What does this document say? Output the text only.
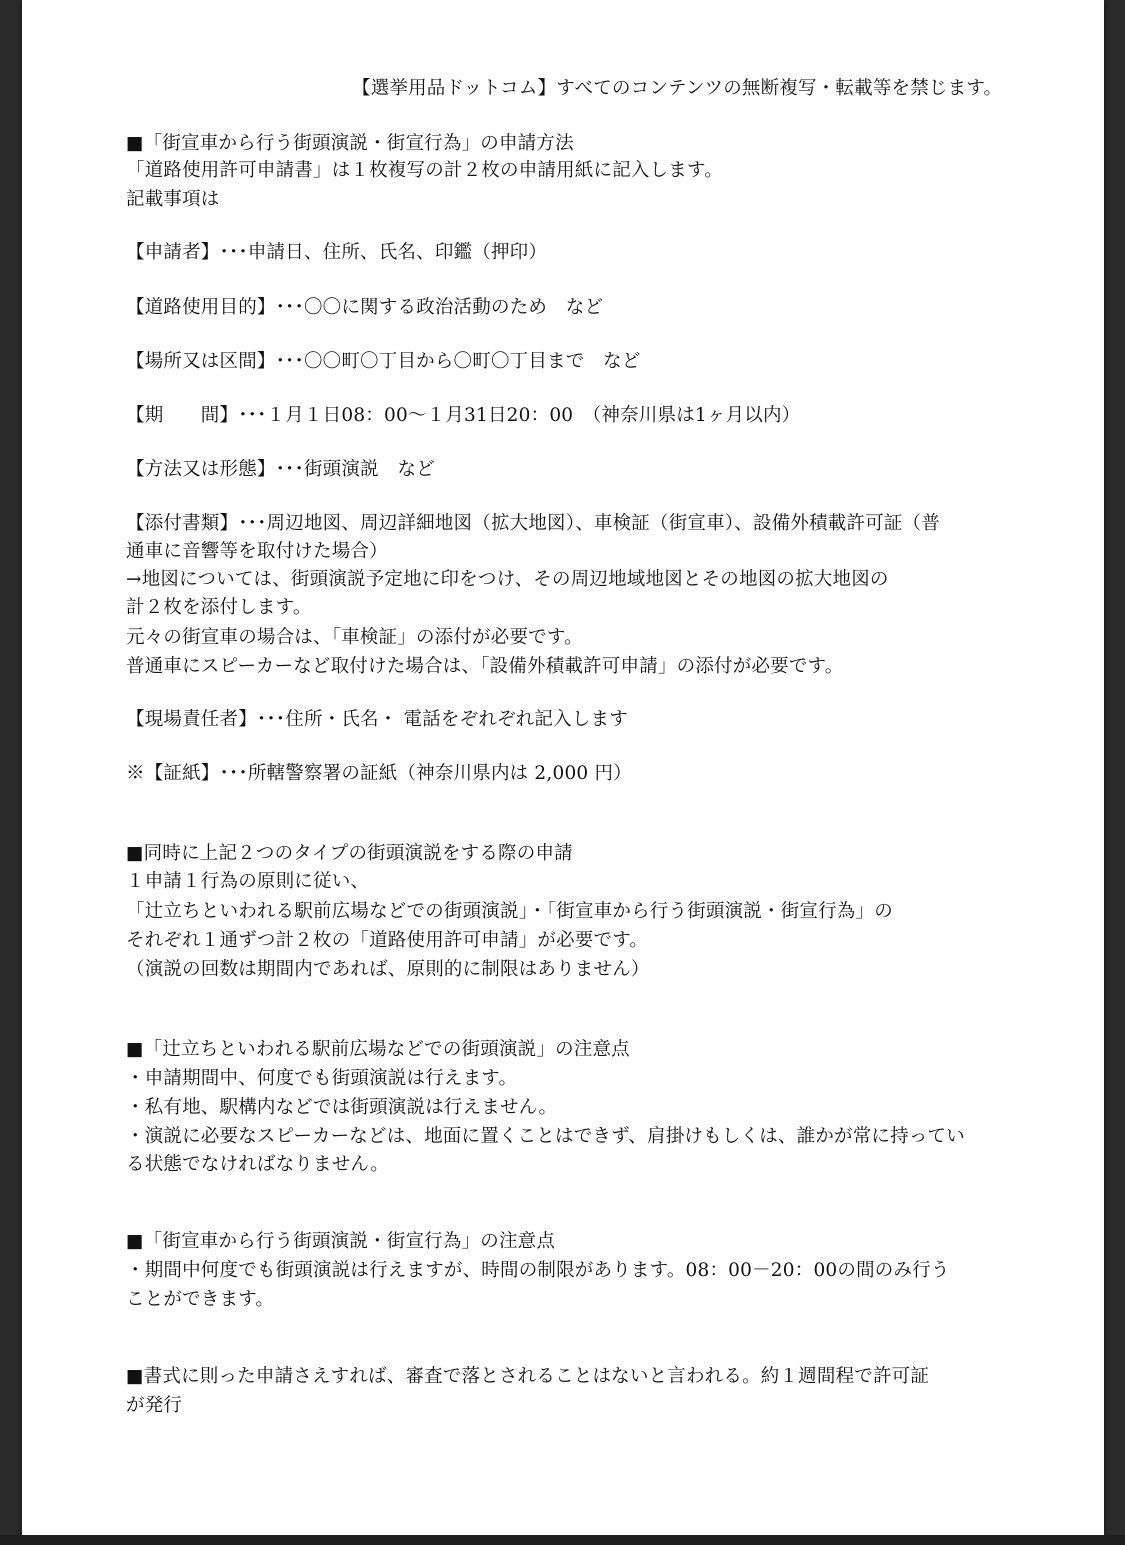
【選挙用品ドットコム】すべてのコンテンツの無断複写・転載等を禁じます。
■「街宣車から行う街頭演説・街宣行為」の申請方法
「道路使用許可申請書」は１枚複写の計２枚の申請用紙に記入します。
記載事項は
【申請者】･･･申請日、住所、氏名、印鑑（押印）
【道路使用目的】･･･〇〇に関する政治活動のため　など
【場所又は区間】･･･〇〇町〇丁目から〇町〇丁目まで　など
【期　　間】･･･１月１日08：00～１月31日20：00　（神奈川県は1ヶ月以内）
【方法又は形態】･･･街頭演説　など
【添付書類】･･･周辺地図、周辺詳細地図（拡大地図）、車検証（街宣車）、設備外積載許可証（普
通車に音響等を取付けた場合）
→地図については、街頭演説予定地に印をつけ、その周辺地域地図とその地図の拡大地図の
計２枚を添付します。
元々の街宣車の場合は、「車検証」の添付が必要です。
普通車にスピーカーなど取付けた場合は、「設備外積載許可申請」の添付が必要です。
【現場責任者】･･･住所・氏名・ 電話をぞれぞれ記入します
※【証紙】･･･所轄警察署の証紙（神奈川県内は 2,000 円）
■同時に上記２つのタイプの街頭演説をする際の申請
１申請１行為の原則に従い、
「辻立ちといわれる駅前広場などでの街頭演説」・「街宣車から行う街頭演説・街宣行為」の
それぞれ１通ずつ計２枚の「道路使用許可申請」が必要です。
（演説の回数は期間内であれば、原則的に制限はありません）
■「辻立ちといわれる駅前広場などでの街頭演説」の注意点
・申請期間中、何度でも街頭演説は行えます。
・私有地、駅構内などでは街頭演説は行えません。
・演説に必要なスピーカーなどは、地面に置くことはできず、肩掛けもしくは、誰かが常に持ってい
る状態でなければなりません。
■「街宣車から行う街頭演説・街宣行為」の注意点
・期間中何度でも街頭演説は行えますが、時間の制限があります。08：00－20：00の間のみ行う
ことができます。
■書式に則った申請さえすれば、審査で落とされることはないと言われる。約１週間程で許可証
が発行
